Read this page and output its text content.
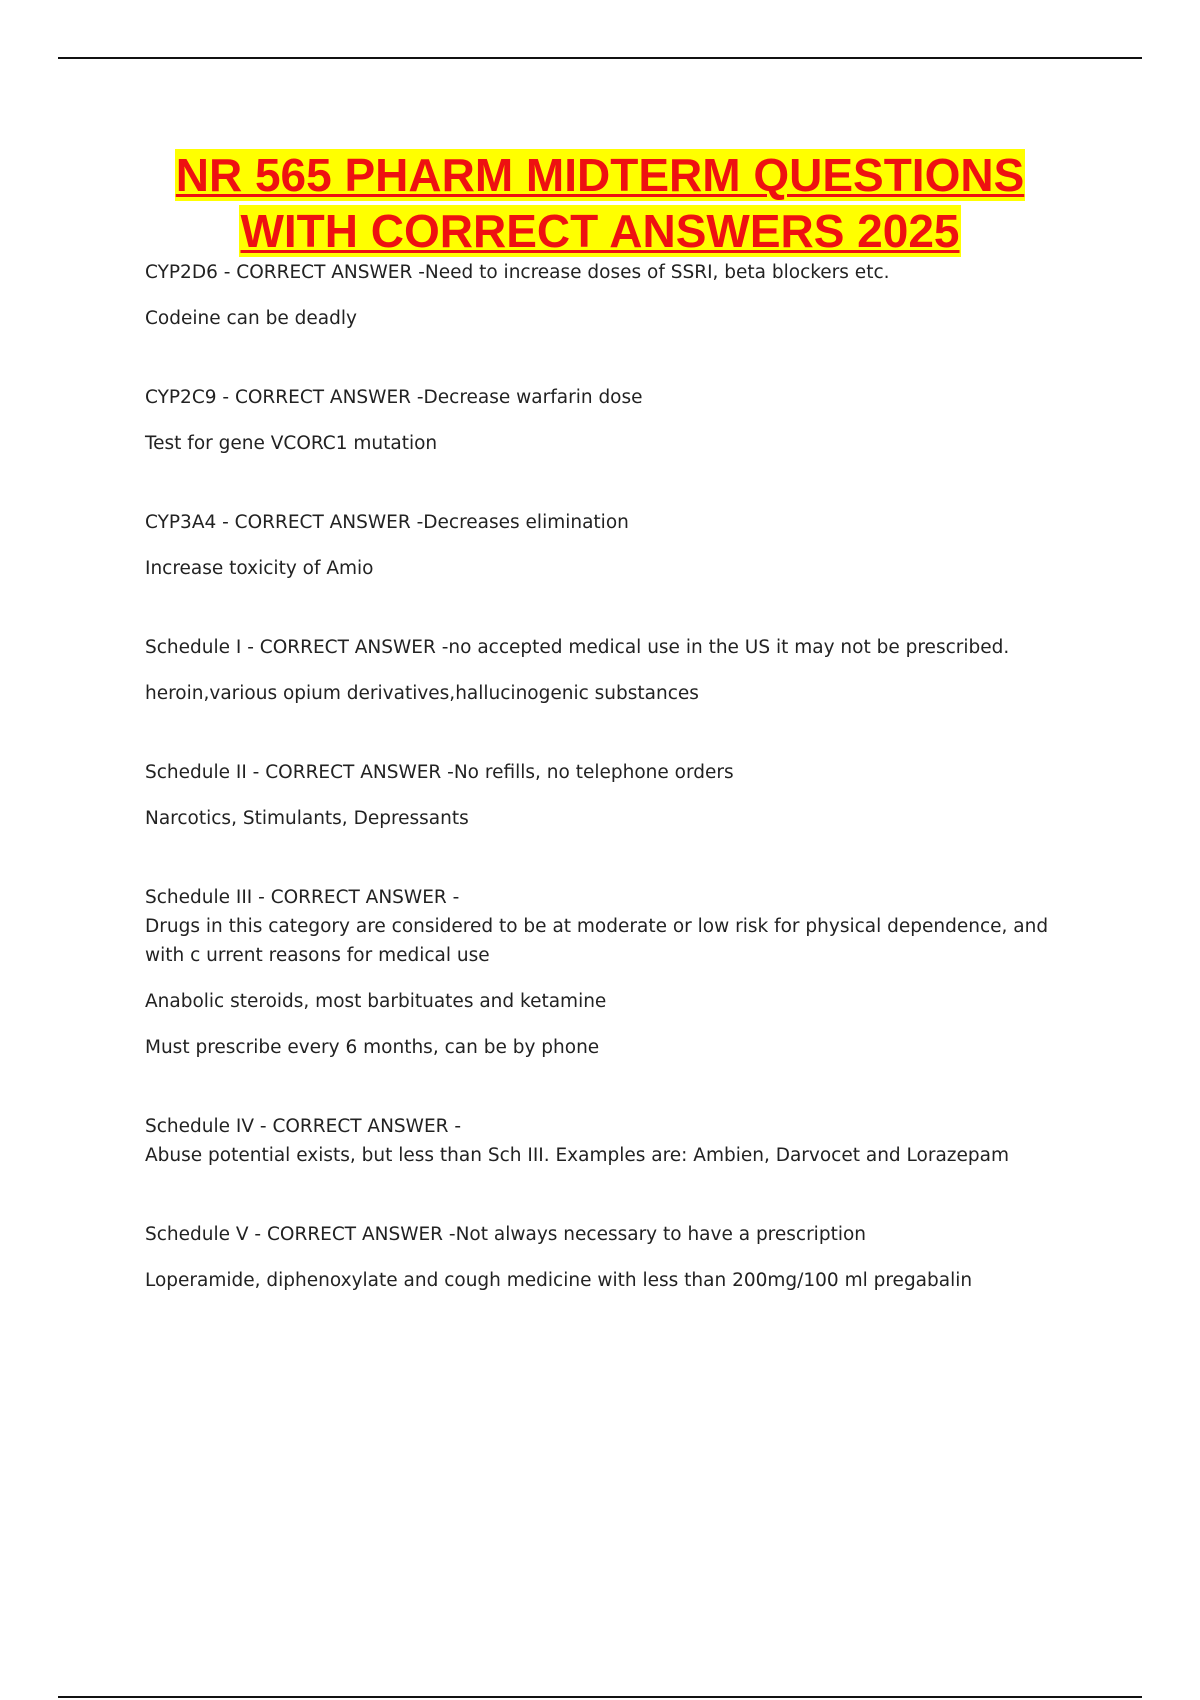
NR 565 PHARM MIDTERM QUESTIONS
WITH CORRECT ANSWERS 2025

CYP2D6 - CORRECT ANSWER -Need to increase doses of SSRI, beta blockers etc.

Codeine can be deadly

CYP2C9 - CORRECT ANSWER -Decrease warfarin dose

Test for gene VCORC1 mutation

CYP3A4 - CORRECT ANSWER -Decreases elimination

Increase toxicity of Amio

Schedule I - CORRECT ANSWER -no accepted medical use in the US it may not be prescribed.

heroin,various opium derivatives,hallucinogenic substances

Schedule II - CORRECT ANSWER -No refills, no telephone orders

Narcotics, Stimulants, Depressants

Schedule III - CORRECT ANSWER -

Drugs in this category are considered to be at moderate or low risk for physical dependence, and with c urrent reasons for medical use

Anabolic steroids, most barbituates and ketamine

Must prescribe every 6 months, can be by phone

Schedule IV - CORRECT ANSWER -

Abuse potential exists, but less than Sch III. Examples are: Ambien, Darvocet and Lorazepam

Schedule V - CORRECT ANSWER -Not always necessary to have a prescription

Loperamide, diphenoxylate and cough medicine with less than 200mg/100 ml pregabalin
